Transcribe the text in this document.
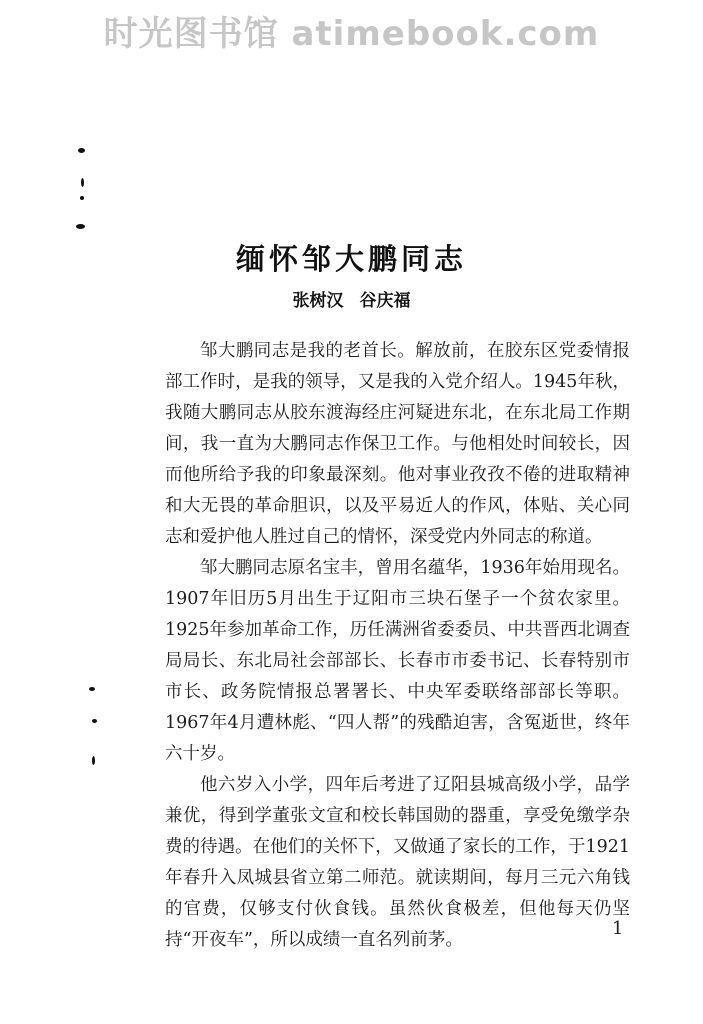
时光图书馆 atimebook.com
缅怀邹大鹏同志
张树汉 谷庆福

邹大鹏同志是我的老首长。解放前，在胶东区党委情报部工作时，是我的领导，又是我的入党介绍人。1945年秋，我随大鹏同志从胶东渡海经庄河疑进东北，在东北局工作期间，我一直为大鹏同志作保卫工作。与他相处时间较长，因而他所给予我的印象最深刻。他对事业孜孜不倦的进取精神和大无畏的革命胆识，以及平易近人的作风，体贴、关心同志和爱护他人胜过自己的情怀，深受党内外同志的称道。

邹大鹏同志原名宝丰，曾用名蕴华，1936年始用现名。1907年旧历5月出生于辽阳市三块石堡子一个贫农家里。1925年参加革命工作，历任满洲省委委员、中共晋西北调查局局长、东北局社会部部长、长春市市委书记、长春特别市市长、政务院情报总署署长、中央军委联络部部长等职。1967年4月遭林彪、“四人帮”的残酷迫害，含冤逝世，终年六十岁。

他六岁入小学，四年后考进了辽阳县城高级小学，品学兼优，得到学董张文宣和校长韩国勋的器重，享受免缴学杂费的待遇。在他们的关怀下，又做通了家长的工作，于1921年春升入凤城县省立第二师范。就读期间，每月三元六角钱的官费，仅够支付伙食钱。虽然伙食极差，但他每天仍坚持“开夜车”，所以成绩一直名列前茅。

1
